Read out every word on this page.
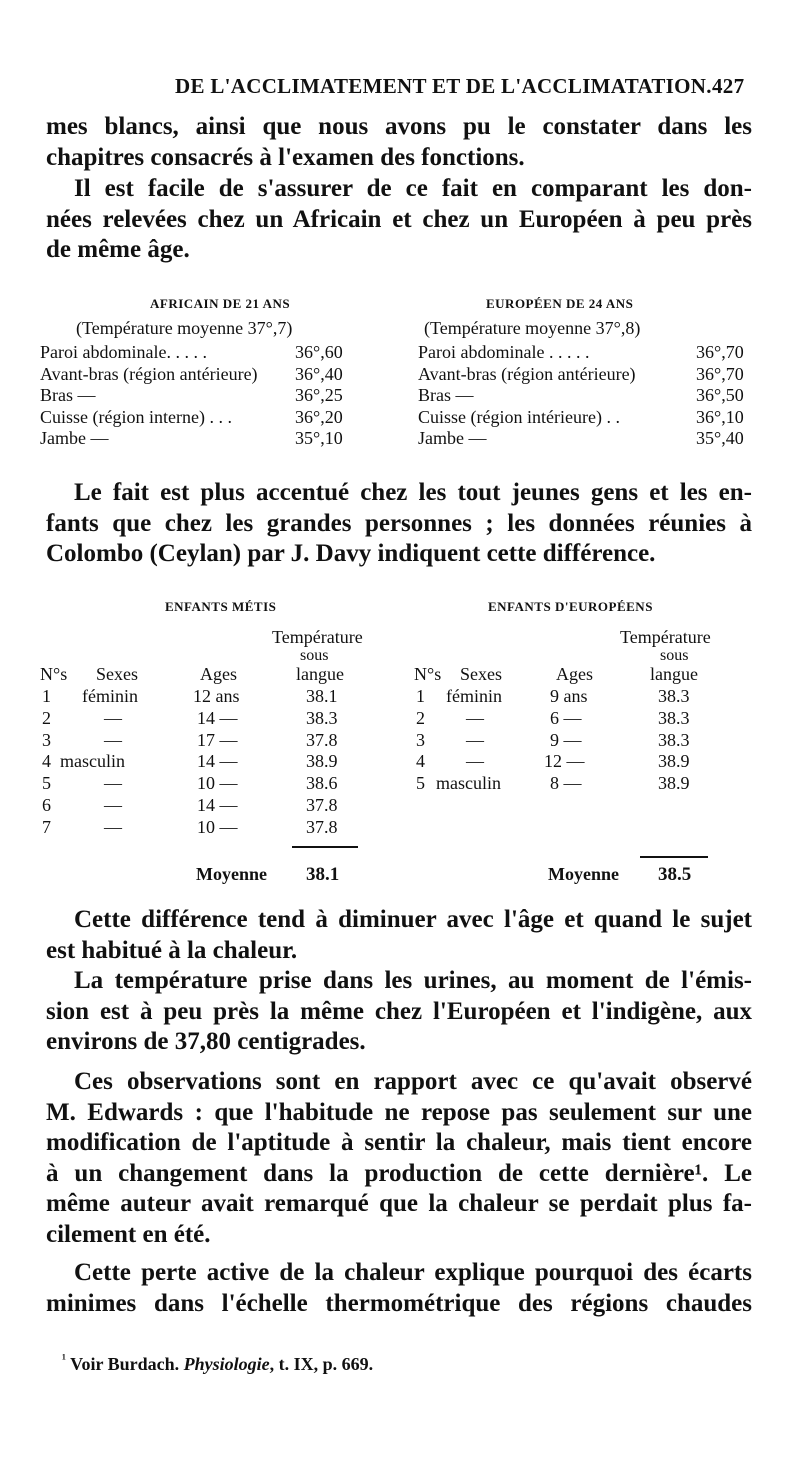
DE L'ACCLIMATEMENT ET DE L'ACCLIMATATION. 427
mes blancs, ainsi que nous avons pu le constater dans les
chapitres consacrés à l'examen des fonctions.
Il est facile de s'assurer de ce fait en comparant les don-
nées relevées chez un Africain et chez un Européen à peu près
de même âge.
AFRICAIN DE 21 ANS	EUROPÉEN DE 24 ANS
(Température moyenne 37°,7)	(Température moyenne 37°,8)
Paroi abdominale. . . . .	36°,60
Avant-bras (région antérieure) 36°,40
Bras —	36°,25
Cuisse (région interne) . . .	36°,20
Jambe —	35°,10
Paroi abdominale . . . . .	36°,70
Avant-bras (région antérieure)	36°,70
Bras —	36°,50
Cuisse (région intérieure) . .	36°,10
Jambe —	35°,40
Le fait est plus accentué chez les tout jeunes gens et les en-
fants que chez les grandes personnes ; les données réunies à
Colombo (Ceylan) par J. Davy indiquent cette différence.
ENFANTS MÉTIS	ENFANTS D'EUROPÉENS
Température
sous
N°s Sexes	Ages	langue
Température
sous
N°s Sexes	Ages	langue
1 féminin	12 ans	38.1
2	—	14 —	38.3
3	—	17 —	37.8
4 masculin	14 —	38.9
5	—	10 —	38.6
6	—	14 —	37.8
7	—	10 —	37.8
1 féminin	9 ans	38.3
2 —	6 —	38.3
3 —	9 —	38.3
4 —	12 —	38.9
5 masculin	8 —	38.9
Moyenne 38.1	Moyenne 38.5
Cette différence tend à diminuer avec l'âge et quand le sujet
est habitué à la chaleur.
La température prise dans les urines, au moment de l'émis-
sion est à peu près la même chez l'Européen et l'indigène, aux
environs de 37,80 centigrades.
Ces observations sont en rapport avec ce qu'avait observé
M. Edwards : que l'habitude ne repose pas seulement sur une
modification de l'aptitude à sentir la chaleur, mais tient encore
à un changement dans la production de cette dernière¹. Le
même auteur avait remarqué que la chaleur se perdait plus fa-
cilement en été.
Cette perte active de la chaleur explique pourquoi des écarts
minimes dans l'échelle thermométrique des régions chaudes
$^{^1}$ Voir Burdach. Physiologie, t. IX, p. 669.
